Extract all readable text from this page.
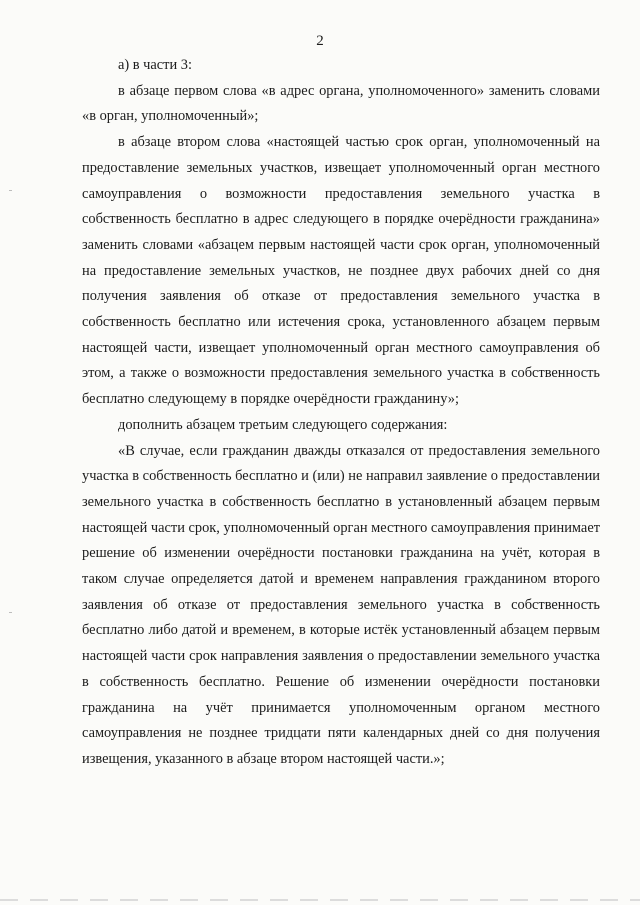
2

а) в части 3:

в абзаце первом слова «в адрес органа, уполномоченного» заменить словами «в орган, уполномоченный»;

в абзаце втором слова «настоящей частью срок орган, уполномоченный на предоставление земельных участков, извещает уполномоченный орган местного самоуправления о возможности предоставления земельного участка в собственность бесплатно в адрес следующего в порядке очерёдности гражданина» заменить словами «абзацем первым настоящей части срок орган, уполномоченный на предоставление земельных участков, не позднее двух рабочих дней со дня получения заявления об отказе от предоставления земельного участка в собственность бесплатно или истечения срока, установленного абзацем первым настоящей части, извещает уполномоченный орган местного самоуправления об этом, а также о возможности предоставления земельного участка в собственность бесплатно следующему в порядке очерёдности гражданину»;

дополнить абзацем третьим следующего содержания:

«В случае, если гражданин дважды отказался от предоставления земельного участка в собственность бесплатно и (или) не направил заявление о предоставлении земельного участка в собственность бесплатно в установленный абзацем первым настоящей части срок, уполномоченный орган местного самоуправления принимает решение об изменении очерёдности постановки гражданина на учёт, которая в таком случае определяется датой и временем направления гражданином второго заявления об отказе от предоставления земельного участка в собственность бесплатно либо датой и временем, в которые истёк установленный абзацем первым настоящей части срок направления заявления о предоставлении земельного участка в собственность бесплатно. Решение об изменении очерёдности постановки гражданина на учёт принимается уполномоченным органом местного самоуправления не позднее тридцати пяти календарных дней со дня получения извещения, указанного в абзаце втором настоящей части.»;
